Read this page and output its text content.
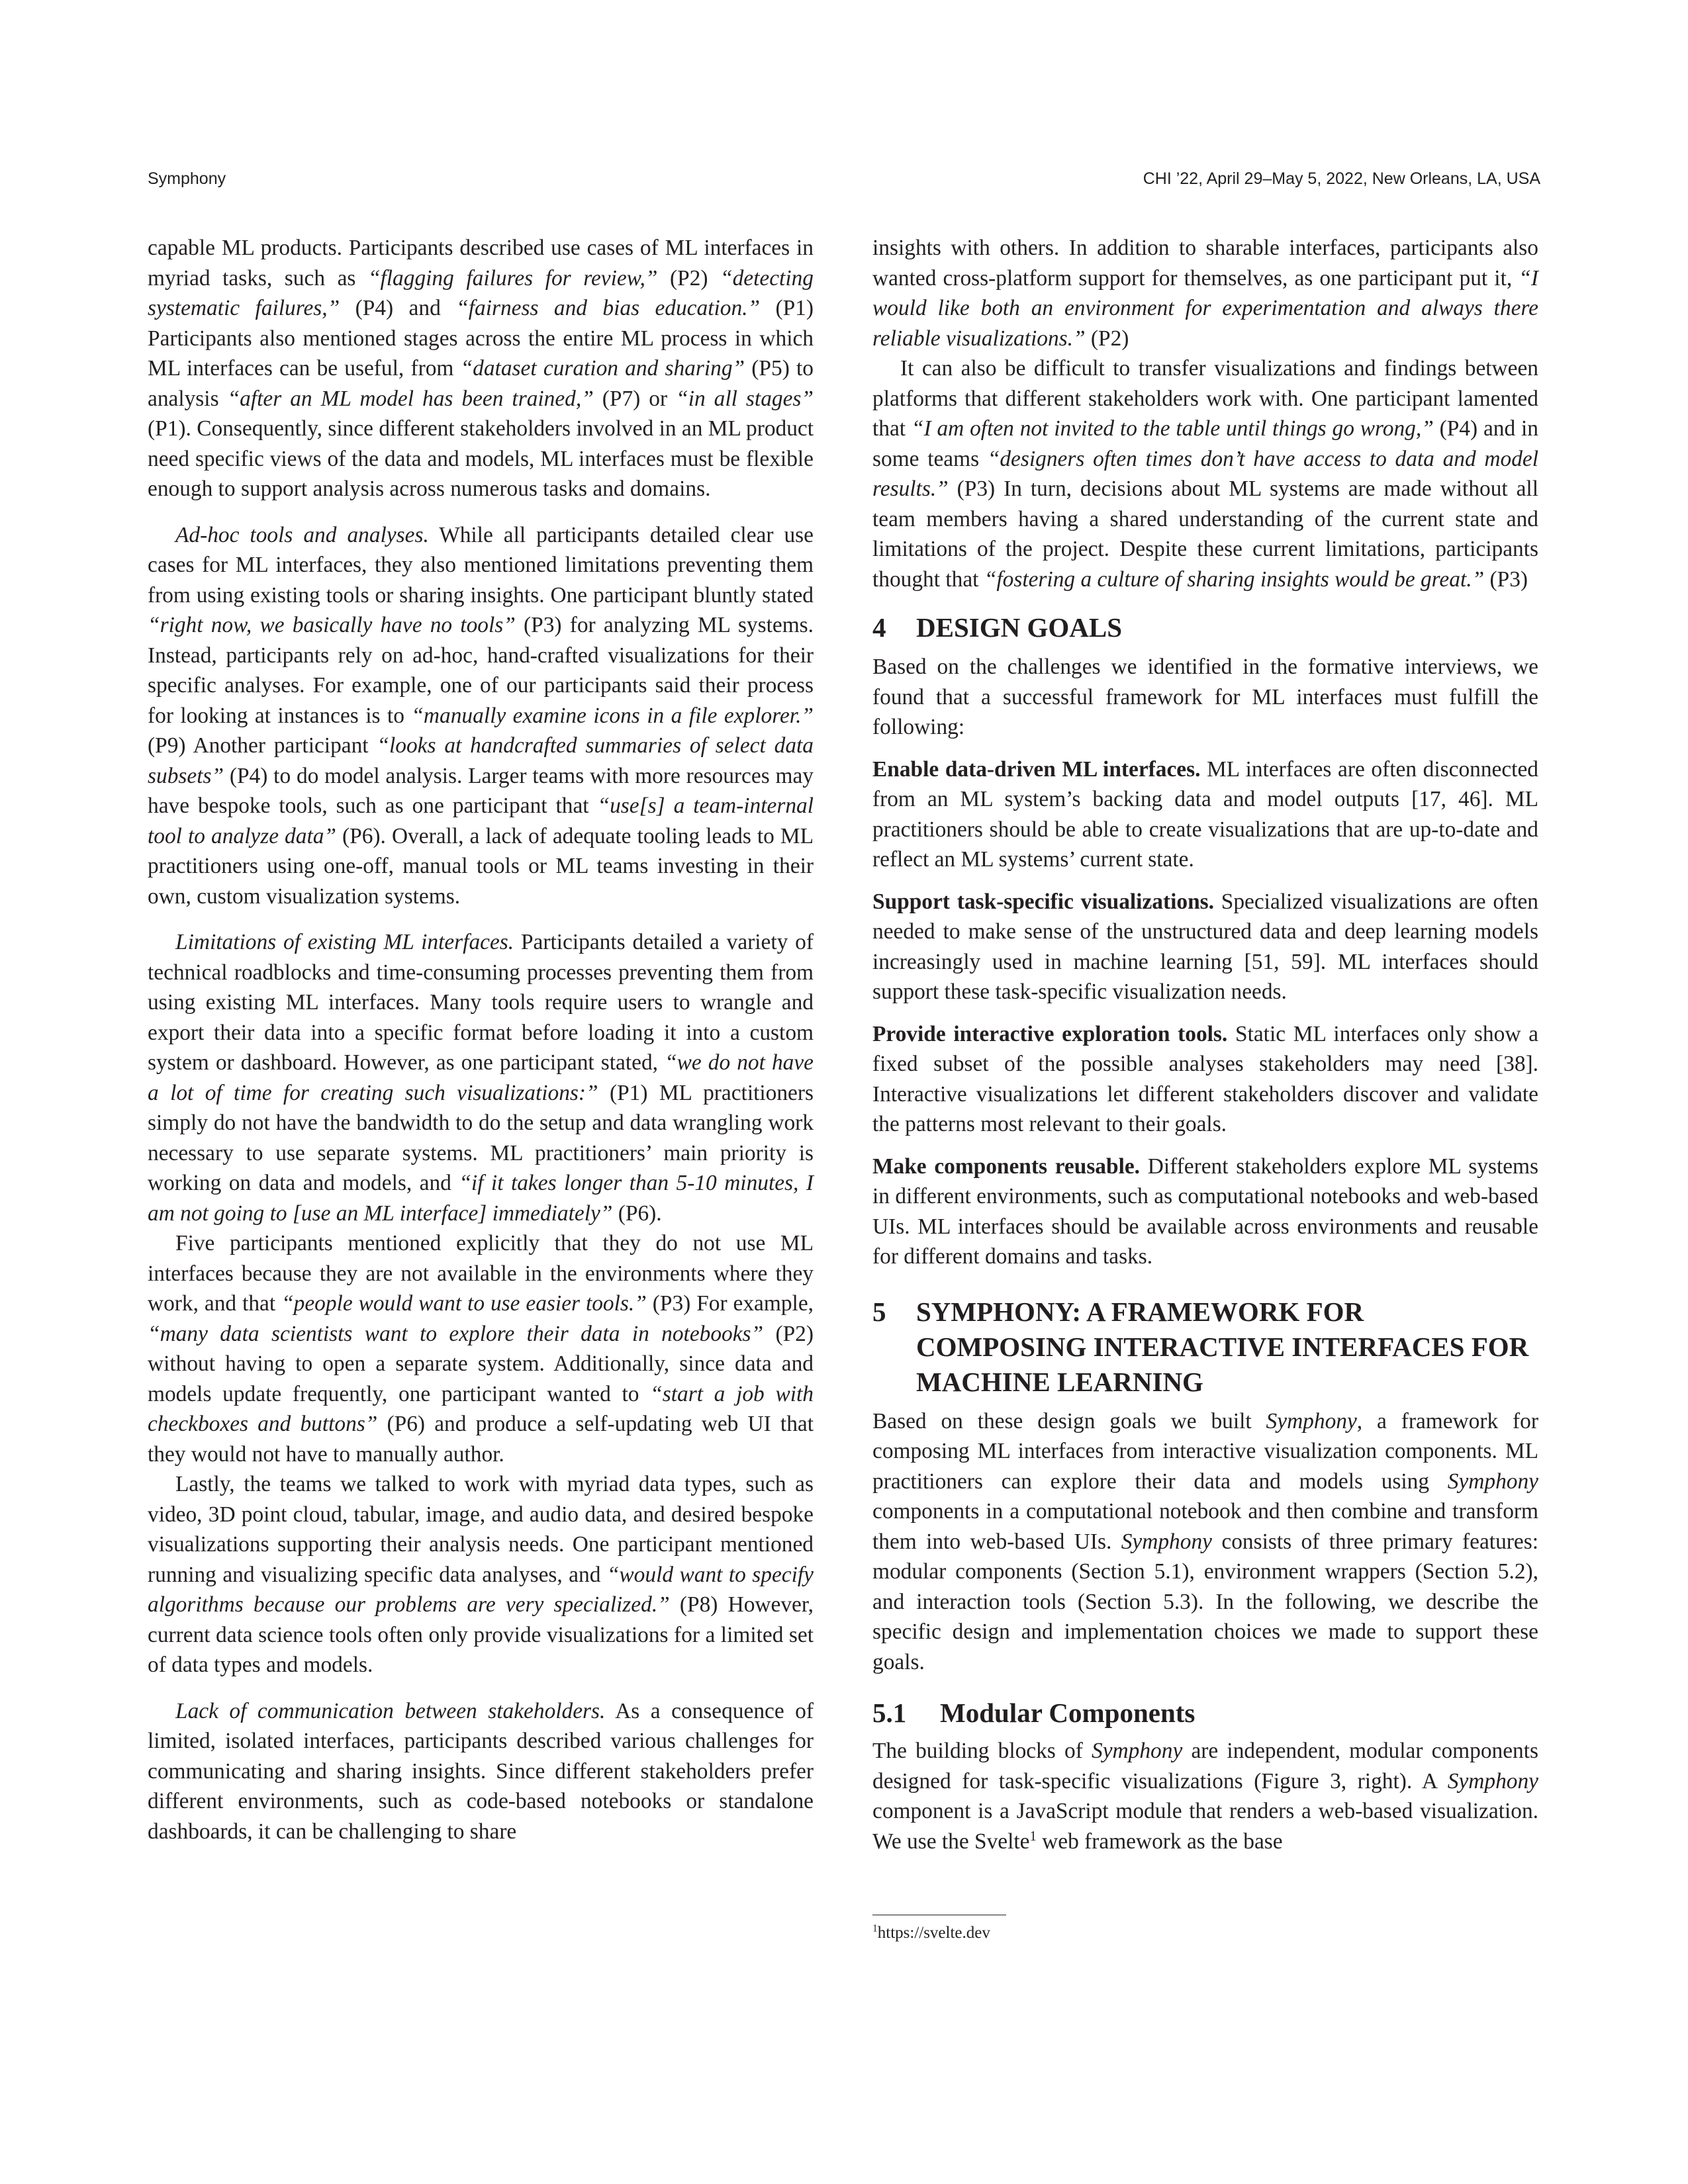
Symphony	CHI ’22, April 29–May 5, 2022, New Orleans, LA, USA

capable ML products. Participants described use cases of ML interfaces in myriad tasks, such as “flagging failures for review,” (P2) “detecting systematic failures,” (P4) and “fairness and bias education.” (P1) Participants also mentioned stages across the entire ML process in which ML interfaces can be useful, from “dataset curation and sharing” (P5) to analysis “after an ML model has been trained,” (P7) or “in all stages” (P1). Consequently, since different stakeholders involved in an ML product need specific views of the data and models, ML interfaces must be flexible enough to support analysis across numerous tasks and domains.

Ad-hoc tools and analyses. While all participants detailed clear use cases for ML interfaces, they also mentioned limitations preventing them from using existing tools or sharing insights. One participant bluntly stated “right now, we basically have no tools” (P3) for analyzing ML systems. Instead, participants rely on ad-hoc, hand-crafted visualizations for their specific analyses. For example, one of our participants said their process for looking at instances is to “manually examine icons in a file explorer.” (P9) Another participant “looks at handcrafted summaries of select data subsets” (P4) to do model analysis. Larger teams with more resources may have bespoke tools, such as one participant that “use[s] a team-internal tool to analyze data” (P6). Overall, a lack of adequate tooling leads to ML practitioners using one-off, manual tools or ML teams investing in their own, custom visualization systems.

Limitations of existing ML interfaces. Participants detailed a variety of technical roadblocks and time-consuming processes preventing them from using existing ML interfaces. Many tools require users to wrangle and export their data into a specific format before loading it into a custom system or dashboard. However, as one participant stated, “we do not have a lot of time for creating such visualizations:” (P1) ML practitioners simply do not have the bandwidth to do the setup and data wrangling work necessary to use separate systems. ML practitioners’ main priority is working on data and models, and “if it takes longer than 5-10 minutes, I am not going to [use an ML interface] immediately” (P6).

Five participants mentioned explicitly that they do not use ML interfaces because they are not available in the environments where they work, and that “people would want to use easier tools.” (P3) For example, “many data scientists want to explore their data in notebooks” (P2) without having to open a separate system. Additionally, since data and models update frequently, one participant wanted to “start a job with checkboxes and buttons” (P6) and produce a self-updating web UI that they would not have to manually author.

Lastly, the teams we talked to work with myriad data types, such as video, 3D point cloud, tabular, image, and audio data, and desired bespoke visualizations supporting their analysis needs. One participant mentioned running and visualizing specific data analyses, and “would want to specify algorithms because our problems are very specialized.” (P8) However, current data science tools often only provide visualizations for a limited set of data types and models.

Lack of communication between stakeholders. As a consequence of limited, isolated interfaces, participants described various challenges for communicating and sharing insights. Since different stakeholders prefer different environments, such as code-based notebooks or standalone dashboards, it can be challenging to share

insights with others. In addition to sharable interfaces, participants also wanted cross-platform support for themselves, as one participant put it, “I would like both an environment for experimentation and always there reliable visualizations.” (P2)

It can also be difficult to transfer visualizations and findings between platforms that different stakeholders work with. One participant lamented that “I am often not invited to the table until things go wrong,” (P4) and in some teams “designers often times don’t have access to data and model results.” (P3) In turn, decisions about ML systems are made without all team members having a shared understanding of the current state and limitations of the project. Despite these current limitations, participants thought that “fostering a culture of sharing insights would be great.” (P3)

4	DESIGN GOALS

Based on the challenges we identified in the formative interviews, we found that a successful framework for ML interfaces must fulfill the following:

Enable data-driven ML interfaces. ML interfaces are often disconnected from an ML system’s backing data and model outputs [17, 46]. ML practitioners should be able to create visualizations that are up-to-date and reflect an ML systems’ current state.

Support task-specific visualizations. Specialized visualizations are often needed to make sense of the unstructured data and deep learning models increasingly used in machine learning [51, 59]. ML interfaces should support these task-specific visualization needs.

Provide interactive exploration tools. Static ML interfaces only show a fixed subset of the possible analyses stakeholders may need [38]. Interactive visualizations let different stakeholders discover and validate the patterns most relevant to their goals.

Make components reusable. Different stakeholders explore ML systems in different environments, such as computational notebooks and web-based UIs. ML interfaces should be available across environments and reusable for different domains and tasks.

5	SYMPHONY: A FRAMEWORK FOR COMPOSING INTERACTIVE INTERFACES FOR MACHINE LEARNING

Based on these design goals we built Symphony, a framework for composing ML interfaces from interactive visualization components. ML practitioners can explore their data and models using Symphony components in a computational notebook and then combine and transform them into web-based UIs. Symphony consists of three primary features: modular components (Section 5.1), environment wrappers (Section 5.2), and interaction tools (Section 5.3). In the following, we describe the specific design and implementation choices we made to support these goals.

5.1	Modular Components

The building blocks of Symphony are independent, modular components designed for task-specific visualizations (Figure 3, right). A Symphony component is a JavaScript module that renders a web-based visualization. We use the Svelte$^1$ web framework as the base

$^1$https://svelte.dev
